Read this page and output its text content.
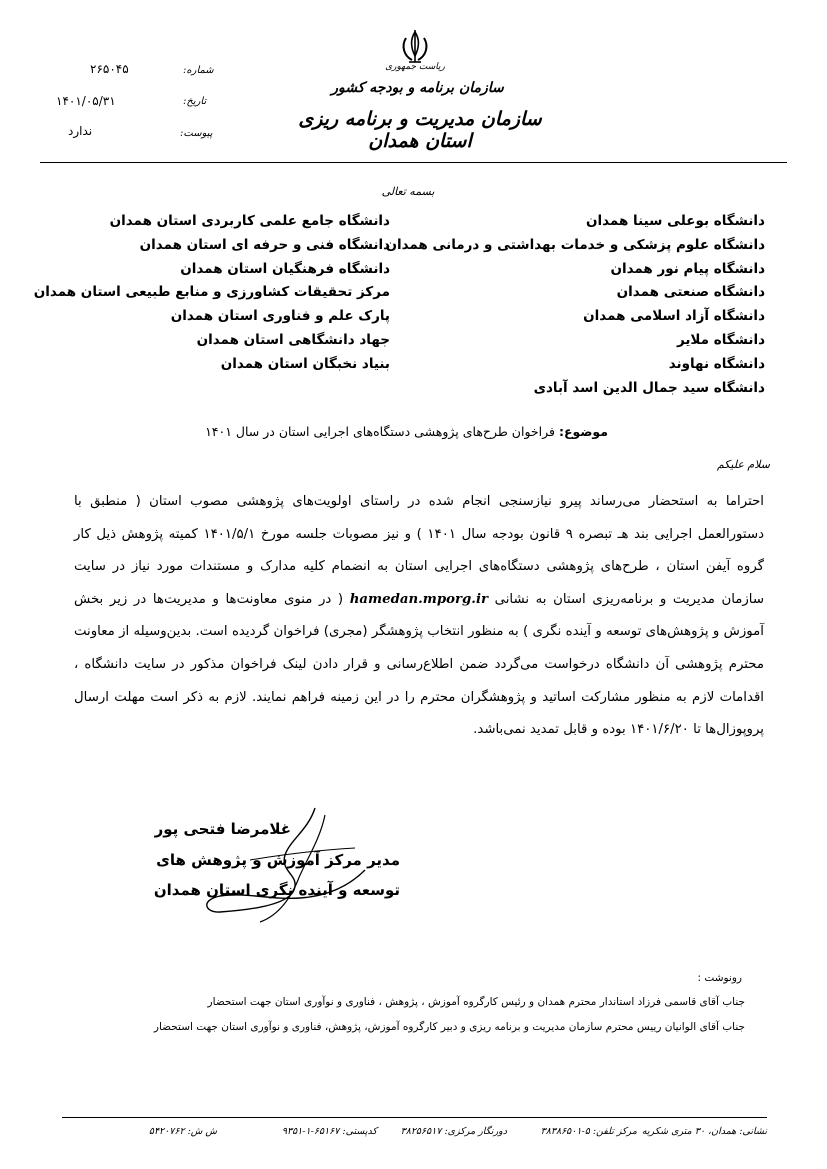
ریاست جمهوری
سازمان برنامه و بودجه کشور
سازمان مدیریت و برنامه ریزی استان همدان
شماره:
۲۶۵۰۴۵
تاریخ:
۱۴۰۱/۰۵/۳۱
پیوست:
ندارد
بسمه تعالی
دانشگاه بوعلی سینا همدان
دانشگاه علوم پزشکی و خدمات بهداشتی و درمانی همدان
دانشگاه پیام نور همدان
دانشگاه صنعتی همدان
دانشگاه آزاد اسلامی همدان
دانشگاه ملایر
دانشگاه نهاوند
دانشگاه سید جمال الدین اسد آبادی
دانشگاه جامع علمی کاربردی استان همدان
دانشگاه فنی و حرفه ای استان همدان
دانشگاه فرهنگیان استان همدان
مرکز تحقیقات کشاورزی و منابع طبیعی استان همدان
پارک علم و فناوری استان همدان
جهاد دانشگاهی استان همدان
بنیاد نخبگان استان همدان
موضوع: فراخوان طرح‌های پژوهشی دستگاه‌های اجرایی استان در سال ۱۴۰۱
سلام علیکم
احتراما به استحضار می‌رساند پیرو نیازسنجی انجام شده در راستای اولویت‌های پژوهشی مصوب استان ( منطبق با دستورالعمل اجرایی بند هـ تبصره ۹ قانون بودجه سال ۱۴۰۱ ) و نیز مصوبات جلسه مورخ ۱۴۰۱/۵/۱ کمیته پژوهش ذیل کار گروه آیفن استان ، طرح‌های پژوهشی دستگاه‌های اجرایی استان به انضمام کلیه مدارک و مستندات مورد نیاز در سایت سازمان مدیریت و برنامه‌ریزی استان به نشانی hamedan.mporg.ir ( در منوی معاونت‌ها و مدیریت‌ها در زیر بخش آموزش و پژوهش‌های توسعه و آینده نگری ) به منظور انتخاب پژوهشگر (مجری) فراخوان گردیده است. بدین‌وسیله از معاونت محترم پژوهشی آن دانشگاه درخواست می‌گردد ضمن اطلاع‌رسانی و قرار دادن لینک فراخوان مذکور در سایت دانشگاه ، اقدامات لازم به منظور مشارکت اساتید و پژوهشگران محترم را در این زمینه فراهم نمایند. لازم به ذکر است مهلت ارسال پروپوزال‌ها تا ۱۴۰۱/۶/۲۰ بوده و قابل تمدید نمی‌باشد.
غلامرضا فتحی پور
مدیر مرکز آموزش و پژوهش های
توسعه و آینده نگری استان همدان
رونوشت :
جناب آقای قاسمی فرزاد استاندار محترم همدان و رئیس کارگروه آموزش ، پژوهش ، فناوری و نوآوری استان جهت استحضار
جناب آقای الوانیان رییس محترم سازمان مدیریت و برنامه ریزی و دبیر کارگروه آموزش، پژوهش، فناوری و نوآوری استان جهت استحضار
نشانی: همدان، ۳۰ متری شکریه
مرکز تلفن: ۵-۳۸۳۸۶۵۰۱
دورنگار مرکزی: ۳۸۲۵۶۵۱۷
کدپستی: ۶۵۱۶۷-۱-۹۳۵۱
ش ش: ۵۴۲۰۷۶۲
